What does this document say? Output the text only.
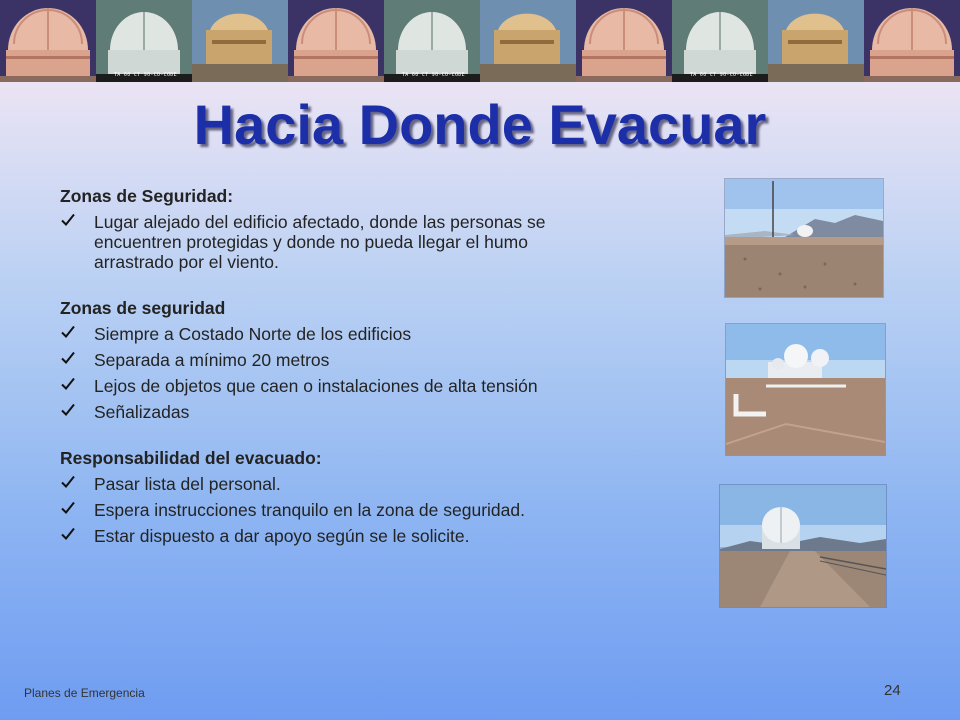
TA 60 CT 90-CO-CODE	TA 60 CT 90-CO-CODE	TA 60 CT 90-CO-CODE
Hacia Donde Evacuar
Zonas de Seguridad:
Lugar alejado del edificio afectado, donde las personas se encuentren protegidas y donde no pueda llegar el humo arrastrado por el viento.
Zonas de seguridad
Siempre a Costado Norte de los edificios
Separada a mínimo 20 metros
Lejos de objetos que caen o instalaciones de alta tensión
Señalizadas
Responsabilidad del evacuado:
Pasar lista del personal.
Espera instrucciones tranquilo en la zona de seguridad.
Estar dispuesto a dar apoyo según se le solicite.
Planes de Emergencia	24
